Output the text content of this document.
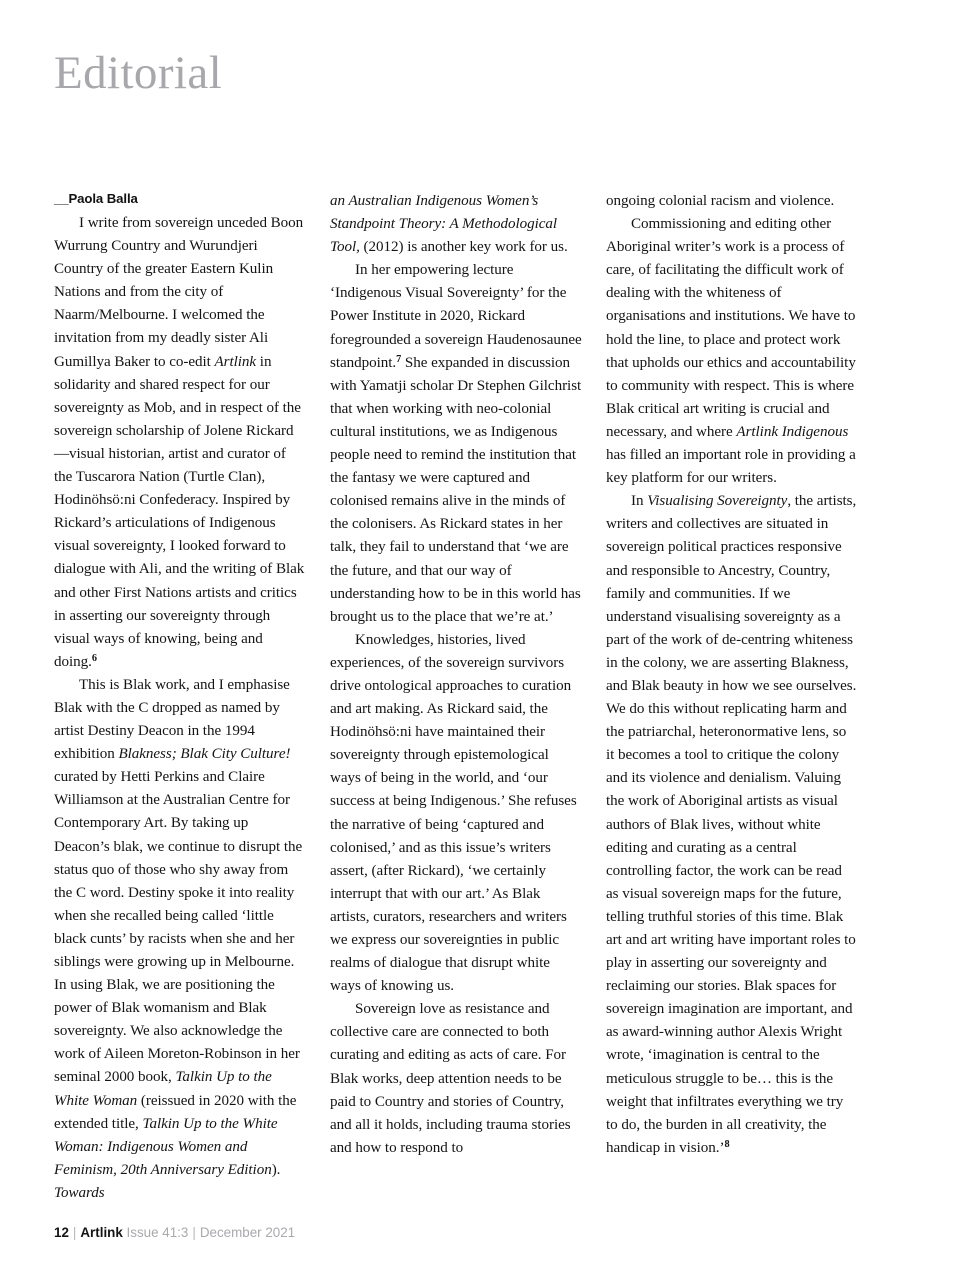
Editorial
__Paola Balla

I write from sovereign unceded Boon Wurrung Country and Wurundjeri Country of the greater Eastern Kulin Nations and from the city of Naarm/Melbourne. I welcomed the invitation from my deadly sister Ali Gumillya Baker to co-edit Artlink in solidarity and shared respect for our sovereignty as Mob, and in respect of the sovereign scholarship of Jolene Rickard—visual historian, artist and curator of the Tuscarora Nation (Turtle Clan), Hodinöhsö:ni Confederacy. Inspired by Rickard’s articulations of Indigenous visual sovereignty, I looked forward to dialogue with Ali, and the writing of Blak and other First Nations artists and critics in asserting our sovereignty through visual ways of knowing, being and doing.$^6$

This is Blak work, and I emphasise Blak with the C dropped as named by artist Destiny Deacon in the 1994 exhibition Blakness; Blak City Culture! curated by Hetti Perkins and Claire Williamson at the Australian Centre for Contemporary Art. By taking up Deacon’s blak, we continue to disrupt the status quo of those who shy away from the C word. Destiny spoke it into reality when she recalled being called ‘little black cunts’ by racists when she and her siblings were growing up in Melbourne. In using Blak, we are positioning the power of Blak womanism and Blak sovereignty. We also acknowledge the work of Aileen Moreton-Robinson in her seminal 2000 book, Talkin Up to the White Woman (reissued in 2020 with the extended title, Talkin Up to the White Woman: Indigenous Women and Feminism, 20th Anniversary Edition). Towards

an Australian Indigenous Women’s Standpoint Theory: A Methodological Tool, (2012) is another key work for us.

In her empowering lecture ‘Indigenous Visual Sovereignty’ for the Power Institute in 2020, Rickard foregrounded a sovereign Haudenosaunee standpoint.$^7$ She expanded in discussion with Yamatji scholar Dr Stephen Gilchrist that when working with neo-colonial cultural institutions, we as Indigenous people need to remind the institution that the fantasy we were captured and colonised remains alive in the minds of the colonisers. As Rickard states in her talk, they fail to understand that ‘we are the future, and that our way of understanding how to be in this world has brought us to the place that we’re at.’

Knowledges, histories, lived experiences, of the sovereign survivors drive ontological approaches to curation and art making. As Rickard said, the Hodinöhsö:ni have maintained their sovereignty through epistemological ways of being in the world, and ‘our success at being Indigenous.’ She refuses the narrative of being ‘captured and colonised,’ and as this issue’s writers assert, (after Rickard), ‘we certainly interrupt that with our art.’ As Blak artists, curators, researchers and writers we express our sovereignties in public realms of dialogue that disrupt white ways of knowing us.

Sovereign love as resistance and collective care are connected to both curating and editing as acts of care. For Blak works, deep attention needs to be paid to Country and stories of Country, and all it holds, including trauma stories and how to respond to

ongoing colonial racism and violence.

Commissioning and editing other Aboriginal writer’s work is a process of care, of facilitating the difficult work of dealing with the whiteness of organisations and institutions. We have to hold the line, to place and protect work that upholds our ethics and accountability to community with respect. This is where Blak critical art writing is crucial and necessary, and where Artlink Indigenous has filled an important role in providing a key platform for our writers.

In Visualising Sovereignty, the artists, writers and collectives are situated in sovereign political practices responsive and responsible to Ancestry, Country, family and communities. If we understand visualising sovereignty as a part of the work of de-centring whiteness in the colony, we are asserting Blakness, and Blak beauty in how we see ourselves. We do this without replicating harm and the patriarchal, heteronormative lens, so it becomes a tool to critique the colony and its violence and denialism. Valuing the work of Aboriginal artists as visual authors of Blak lives, without white editing and curating as a central controlling factor, the work can be read as visual sovereign maps for the future, telling truthful stories of this time. Blak art and art writing have important roles to play in asserting our sovereignty and reclaiming our stories. Blak spaces for sovereign imagination are important, and as award-winning author Alexis Wright wrote, ‘imagination is central to the meticulous struggle to be… this is the weight that infiltrates everything we try to do, the burden in all creativity, the handicap in vision.’$^8$

12 | Artlink Issue 41:3 | December 2021
